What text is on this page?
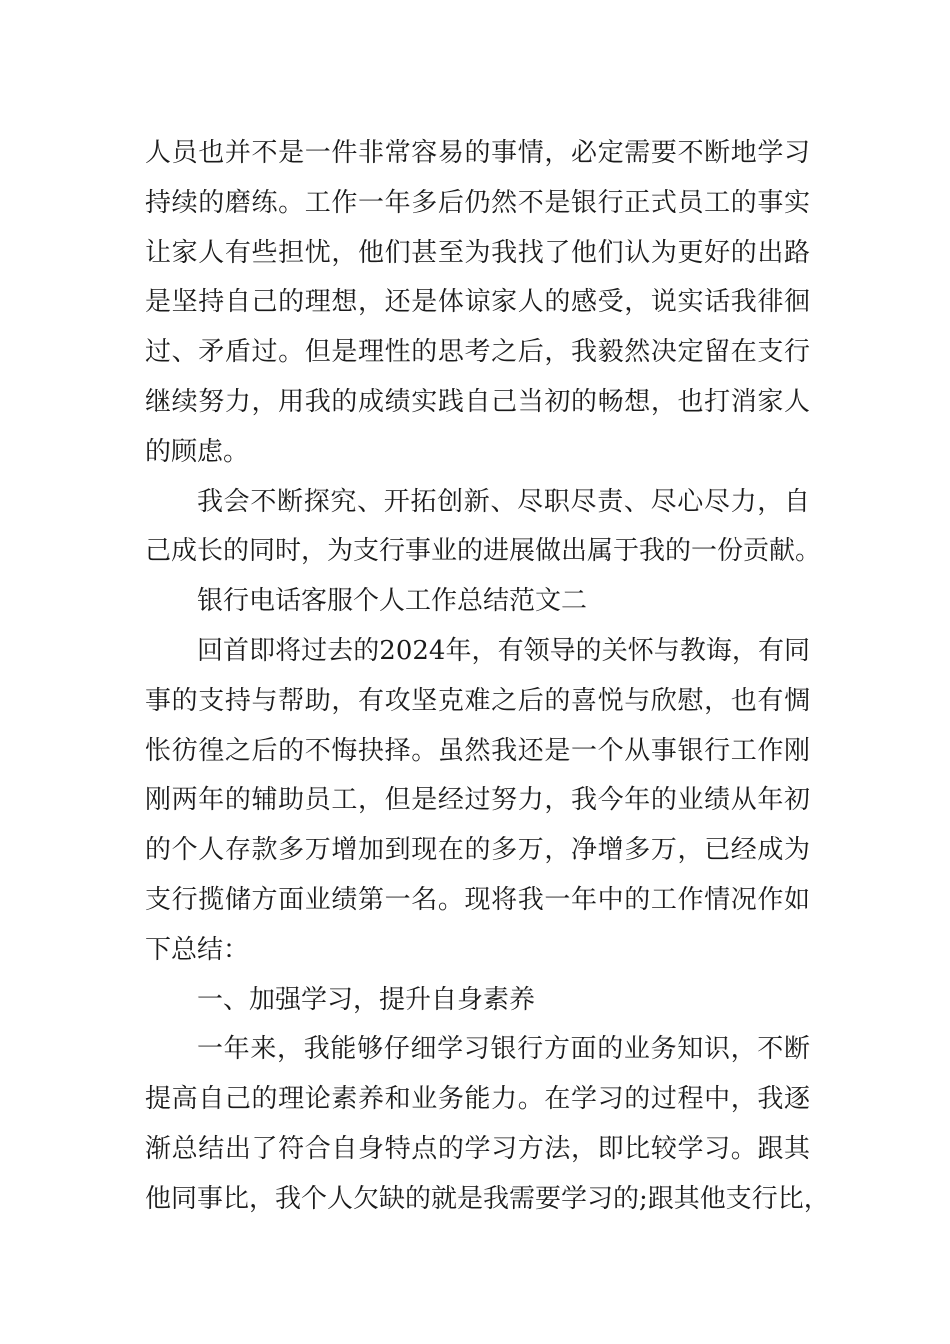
人员也并不是一件非常容易的事情，必定需要不断地学习
持续的磨练。工作一年多后仍然不是银行正式员工的事实
让家人有些担忧，他们甚至为我找了他们认为更好的出路
是坚持自己的理想，还是体谅家人的感受，说实话我徘徊
过、矛盾过。但是理性的思考之后，我毅然决定留在支行
继续努力，用我的成绩实践自己当初的畅想，也打消家人
的顾虑。
我会不断探究、开拓创新、尽职尽责、尽心尽力，自
己成长的同时，为支行事业的进展做出属于我的一份贡献。
银行电话客服个人工作总结范文二
回首即将过去的2024年，有领导的关怀与教诲，有同
事的支持与帮助，有攻坚克难之后的喜悦与欣慰，也有惆
怅彷徨之后的不悔抉择。虽然我还是一个从事银行工作刚
刚两年的辅助员工，但是经过努力，我今年的业绩从年初
的个人存款多万增加到现在的多万，净增多万，已经成为
支行揽储方面业绩第一名。现将我一年中的工作情况作如
下总结：
一、加强学习，提升自身素养
一年来，我能够仔细学习银行方面的业务知识，不断
提高自己的理论素养和业务能力。在学习的过程中，我逐
渐总结出了符合自身特点的学习方法，即比较学习。跟其
他同事比，我个人欠缺的就是我需要学习的;跟其他支行比，
